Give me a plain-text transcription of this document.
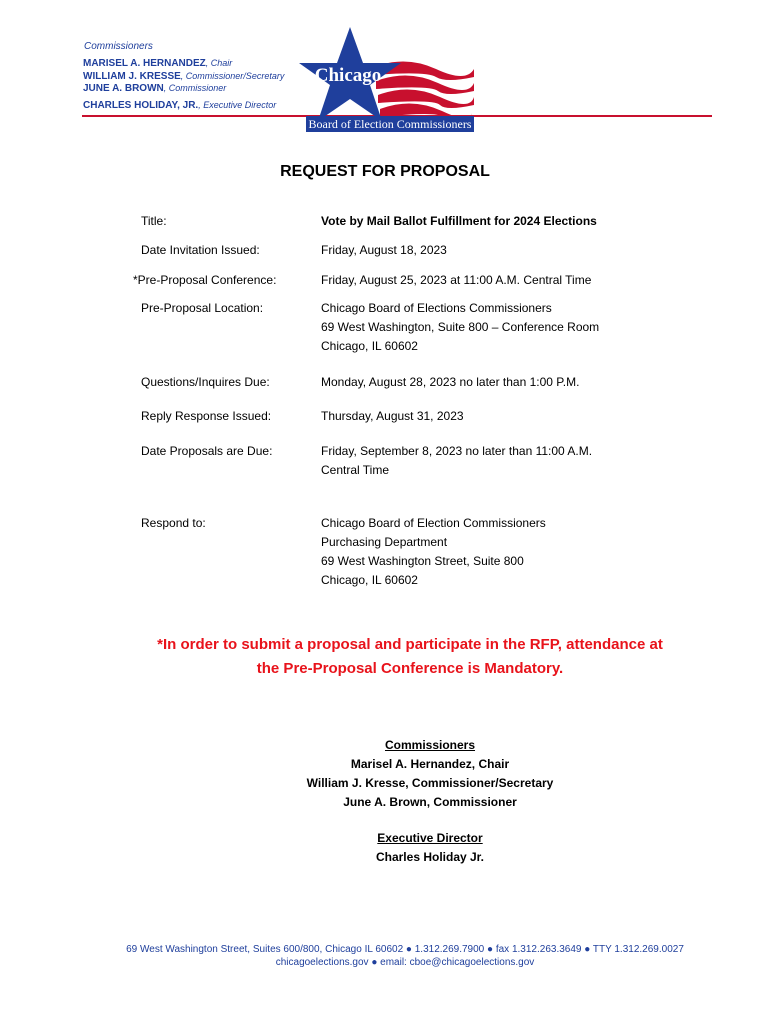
Commissioners
MARISEL A. HERNANDEZ, Chair
WILLIAM J. KRESSE, Commissioner/Secretary
JUNE A. BROWN, Commissioner
CHARLES HOLIDAY, JR., Executive Director
Chicago
Board of Election Commissioners
REQUEST FOR PROPOSAL
Title:	Vote by Mail Ballot Fulfillment for 2024 Elections
Date Invitation Issued:	Friday, August 18, 2023
*Pre-Proposal Conference:	Friday, August 25, 2023 at 11:00 A.M. Central Time
Pre-Proposal Location:	Chicago Board of Elections Commissioners
69 West Washington, Suite 800 – Conference Room
Chicago, IL 60602
Questions/Inquires Due:	Monday, August 28, 2023 no later than 1:00 P.M.
Reply Response Issued:	Thursday, August 31, 2023
Date Proposals are Due:	Friday, September 8, 2023 no later than 11:00 A.M.
Central Time
Respond to:	Chicago Board of Election Commissioners
Purchasing Department
69 West Washington Street, Suite 800
Chicago, IL 60602
*In order to submit a proposal and participate in the RFP, attendance at
the Pre-Proposal Conference is Mandatory.
Commissioners
Marisel A. Hernandez, Chair
William J. Kresse, Commissioner/Secretary
June A. Brown, Commissioner
Executive Director
Charles Holiday Jr.
69 West Washington Street, Suites 600/800, Chicago IL 60602 ● 1.312.269.7900 ● fax 1.312.263.3649 ● TTY 1.312.269.0027
chicagoelections.gov ● email: cboe@chicagoelections.gov
